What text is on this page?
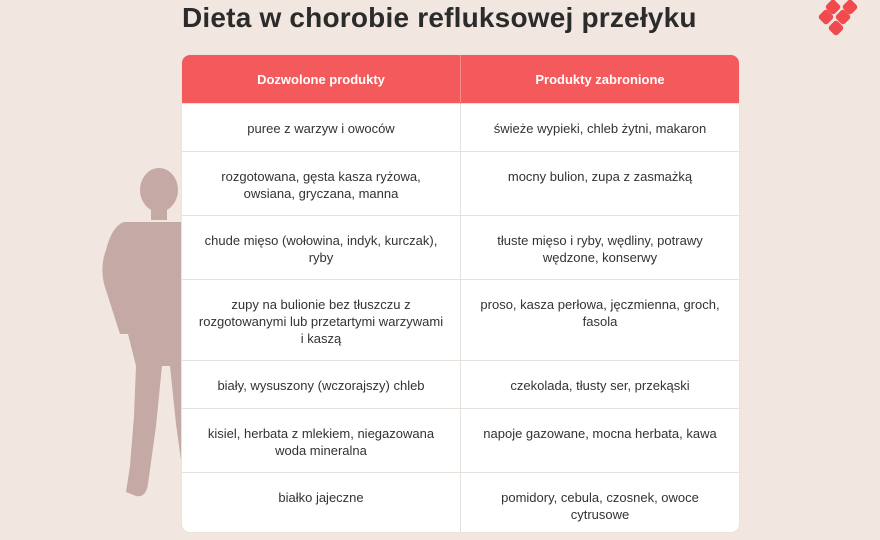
Dieta w chorobie refluksowej przełyku
Dozwolone produkty	Produkty zabronione
puree z warzyw i owoców	świeże wypieki, chleb żytni, makaron
rozgotowana, gęsta kasza ryżowa, owsiana, gryczana, manna	mocny bulion, zupa z zasmażką
chude mięso (wołowina, indyk, kurczak), ryby	tłuste mięso i ryby, wędliny, potrawy wędzone, konserwy
zupy na bulionie bez tłuszczu z rozgotowanymi lub przetartymi warzywami i kaszą	proso, kasza perłowa, jęczmienna, groch, fasola
biały, wysuszony (wczorajszy) chleb	czekolada, tłusty ser, przekąski
kisiel, herbata z mlekiem, niegazowana woda mineralna	napoje gazowane, mocna herbata, kawa
białko jajeczne	pomidory, cebula, czosnek, owoce cytrusowe
